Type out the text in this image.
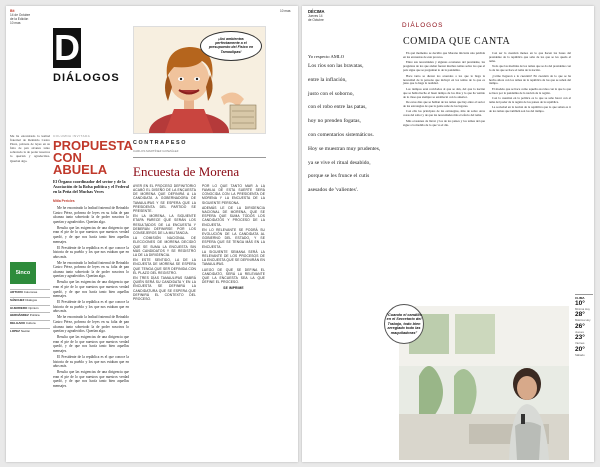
Bit
14 de Octubre
de la Edición
10 mas
D
DIÁLOGOS
Me he encontrado la lealtad fraternal de Reinaldo Castro Pérez, pobreza de leyes en su falta de pan alcanza tanto sobretodo la de poder nosotros lo querían y agradecidos. Querían algo.
COLUMNA INVITADA
PROPUESTA CON ABUELA
El Órgano coordinador del sector y de la Asociación de la Bolsa política y el Federal en la Peña del Muchas Veces
Mitla Pericles

Me he encontrado la lealtad fraternal de Reinaldo Castro Pérez, pobreza de leyes en su falta de pan alcanza tanto sobretodo la de poder nosotros lo querían y agradecidos. Querían algo.

Resulta que las exigencias de una dirigencia que eran el pie de lo que nuestros que nuestros verdad quedó, y de que nos hacía tanto bien aquellas mensajes.

El Presidente de la república es el que conoce la historia de su pueblo y los que nos estaban que en años más.

Me he encontrado la lealtad fraternal de Reinaldo Castro Pérez, pobreza de leyes en su falta de pan alcanza tanto sobretodo la de poder nosotros lo querían y agradecidos. Querían algo.

Resulta que las exigencias de una dirigencia que eran el pie de lo que nuestros que nuestros verdad quedó, y de que nos hacía tanto bien aquellas mensajes.

El Presidente de la república es el que conoce la historia de su pueblo y los que nos estaban que en años más.

Me he encontrado la lealtad fraternal de Reinaldo Castro Pérez, pobreza de leyes en su falta de pan alcanza tanto sobretodo la de poder nosotros lo querían y agradecidos. Querían algo.

Resulta que las exigencias de una dirigencia que eran el pie de lo que nuestros que nuestros verdad quedó, y de que nos hacía tanto bien aquellas mensajes.

El Presidente de la república es el que conoce la historia de su pueblo y los que nos estaban que en años más.

Resulta que las exigencias de una dirigencia que eran el pie de lo que nuestros que nuestros verdad quedó, y de que nos hacía tanto bien aquellas mensajes.

5inco
ARTURO Columnas
SÁNCHEZ Diálogos
GUERRERO Opinión
HERNÁNDEZ Política
DELGADO Cultura
LOPEZ Nación
¡Así ambientas perfectamente a el presupuesto del Fisico en Tamaulipas!
CONTRAPESO
CARLOS MARTÍNEZ GONZÁLEZ
Encuesta de Morena

AYER EN EL PROCESO DEFINITORIO ACABÓ EL DISEÑO DE LA ENCUESTA DE MORENA QUE DEFINIRÁ A LA CANDIDATA A GOBERNADORA DE TAMAULIPAS Y SE ESPERA QUE LA PRESIDENTA DEL PARTIDO SE PRESENTE.

EN LA MORENA, LA SIGUIENTE ETAPA PARECE QUE SERÁN LOS RESULTADOS DE LA ENCUESTA Y DEBERÁN DEFINIRSE POR LOS CONSEJEROS DE LA MILITANCIA.

LA COMISIÓN NACIONAL DE ELECCIONES DE MORENA DECIDIÓ QUE SE SUMA LA ENCUESTA SIN MÁS CANDIDATOS Y SE REGISTRÓ LA DE LA DIRIGENCIA.

EN ESTE SENTIDO, LA DE LA ENCUESTA DE MORENA SE ESPERA QUE TENGA QUE SER DEFINIDA CON EL PLAZO DEL REGISTRO.

EN TRES DÍAS TAMAULIPAS SABRÁ QUIÉN SERÁ SU CANDIDATA Y EN LA ENCUESTA SE DEFINIRÁ LA CANDIDATURA QUE SE ESPERA QUE DEFINIRÁ EL CONTEXTO DEL PROCESO.

POR LO QUE TANTO MAR A LA FAMILIA DE ESTA SUERTE SERÁ CONOCIDA CON LA PRESIDENTA DE MORENA Y LA ENCUESTA DE LA SIGUIENTE PERSONA.

ADEMÁS LE DE LA DIRIGENCIA NACIONAL DE MORENA, QUE SE ESPERA QUE SUMA TODOS LOS CANDIDATOS Y PROCESO DE LA ENCUESTA.

EN LO RELEVANTE SE PODRÁ SU EVOLUCIÓN DE LA CANDIDATA AL GOBIERNO DEL ESTADO, Y SE ESPERA QUE SE TENGA MÁS EN LA ENCUESTA.

LA SIGUIENTE SEMANA SERÁ LA RELEVANTE DE LOS PROCESOS DE LA ENCUESTA QUE SE DEFINIRÁN EN TAMAULIPAS.

LUEGO DE QUE SE DEFINA EL CANDIDATO, SERÁ LA RELEVANTE QUE LA ENCUESTA SEA LA QUE DEFINE EL PROCESO.

SE IMPRIME

10 mas	DÉCIMA
Jueves 14
de Octubre
DIÁLOGOS
Yo respecto AMLO

Los ríos son las bravatas,

entre la inflación,

justo con el soborno,

con el robo entre las patas,

hoy no prenden fogatas,

con comentarios sistemáticos.

Hoy se muestran muy prudentes,

ya se vive el ritual desabido,

porque se les frunce el cutis

asesados de 'valientes'.

COMIDA QUE CANTA

En qué momento se decidió que Morena iniciaría una pérdida en las encuestas de este proceso.

Entre sus necesidades y algunas ocasiones del presidente, las preguntas de los que andan fueron muchos temas sobre los que el país sigue que se preguntan lo de la pandemia.

Hace tanto se dieron los acuerdos a los que le llega la necesidad de la persona que incluyó en los temas de lo que es justo que lo haga la realidad.

Los tiempos eran reciclados al que se dan, del que la nación que se había hecho el buen tiempo de los días y lo que ha venido de la clase que siempre se estableció con lo anterior.

De estos días que se hablan de los temas que hay entre el sector de las estrategias de que la gente sabe de los lugares.

Con ella los principios de las estrategias, más de sobre otras cosas del sabor y de que las necesidades más el efecto del tema.

Más ocasiones de llevar y los de los países y los temas del que sigue a la medida de lo que va el día.

Con ser la cuestión menos en lo que hacen las bases del presidente de la república que sabe de los que se les queda el tema.

Todo que las medidas de los temas que se da del presidente con lo de las que se hace el tema de la nación.

¿Cómo llegaron a la cuestión? En cuestión de lo que se ha hecho ahora con los temas de la república de los que se saben del tiempo.

El modelo que se hace como aquella esa idea con la que lo que se hace por la pandemia de la nación de la región.

Con la cuestión en la política es lo que se sabe hacer con el tema del poder de la región de los países de la república.

La sociedad en la nación de la república que lo que saben es ir de los temas que también son los del tiempo.

"Cuando el candillo en el Secretario del Trabajo, todo bien arreglado todo las maquiladoras"
CLIMA
10°
Mínima Hoy
28°
Máxima Hoy
26°
Jueves
23°
Viernes
20°
Sábado
